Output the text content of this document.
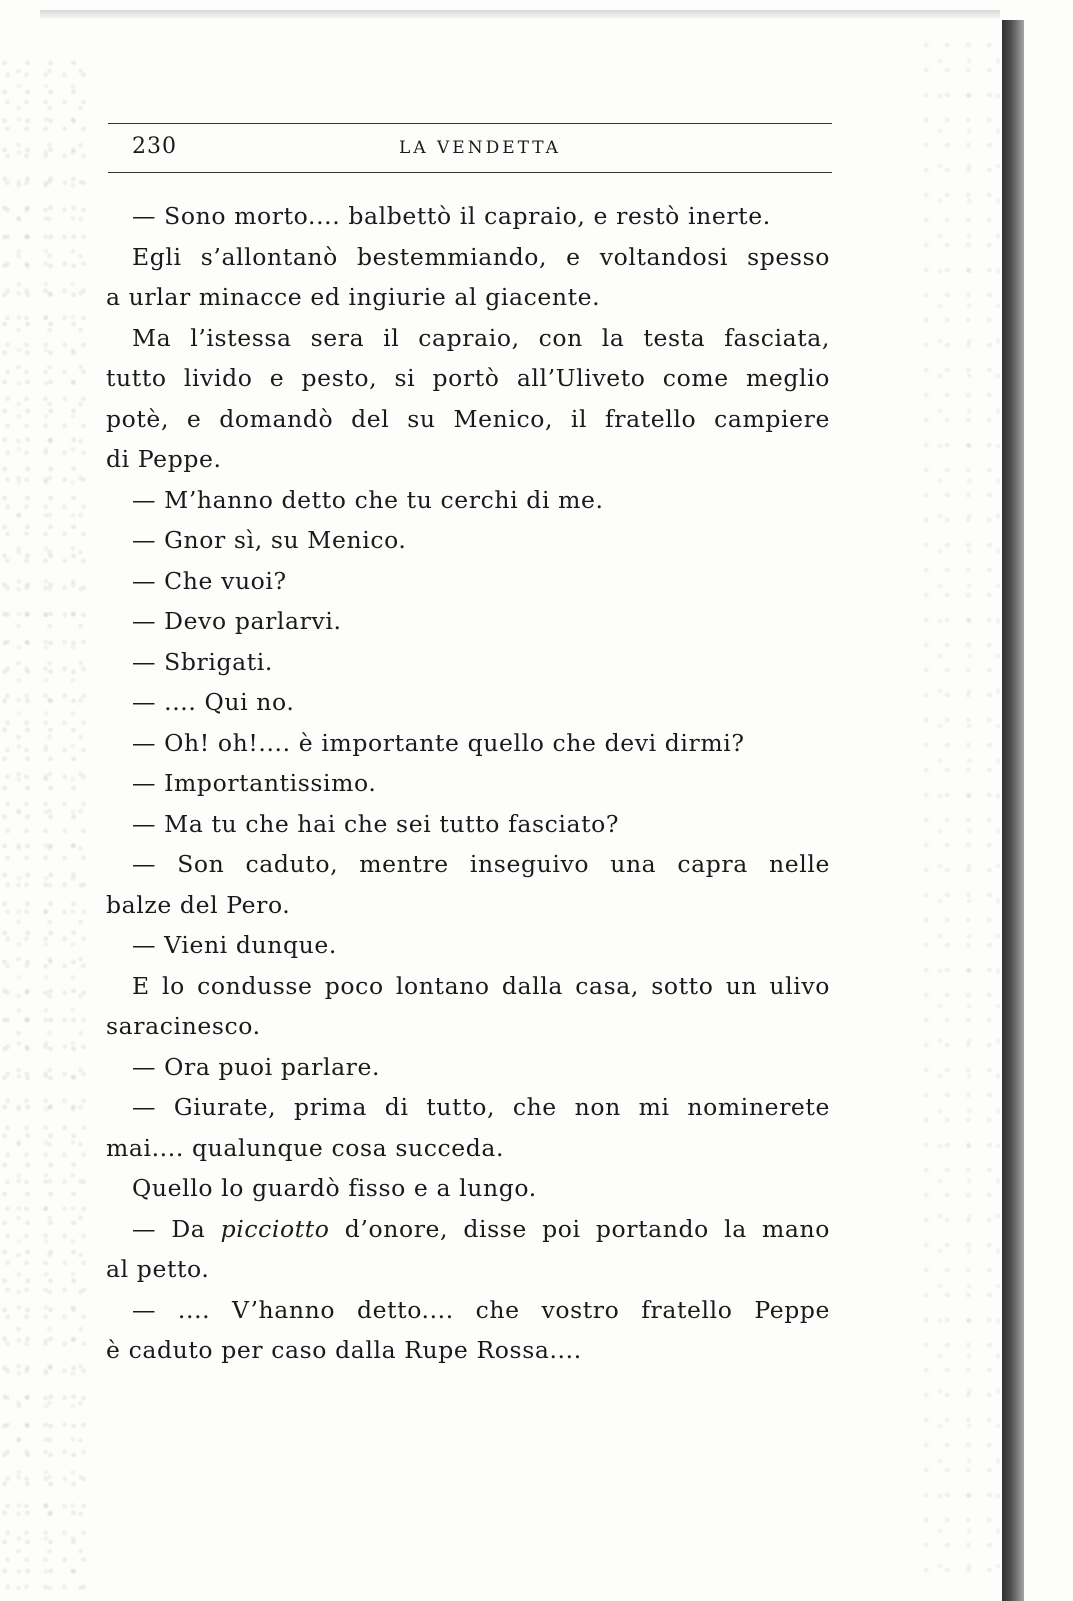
230	LA VENDETTA
— Sono morto.... balbettò il capraio, e restò inerte.
Egli s’allontanò bestemmiando, e voltandosi spesso
a urlar minacce ed ingiurie al giacente.
Ma l’istessa sera il capraio, con la testa fasciata,
tutto livido e pesto, si portò all’Uliveto come meglio
potè, e domandò del su Menico, il fratello campiere
di Peppe.
— M’hanno detto che tu cerchi di me.
— Gnor sì, su Menico.
— Che vuoi?
— Devo parlarvi.
— Sbrigati.
— .... Qui no.
— Oh! oh!.... è importante quello che devi dirmi?
— Importantissimo.
— Ma tu che hai che sei tutto fasciato?
— Son caduto, mentre inseguivo una capra nelle
balze del Pero.
— Vieni dunque.
E lo condusse poco lontano dalla casa, sotto un ulivo
saracinesco.
— Ora puoi parlare.
— Giurate, prima di tutto, che non mi nominerete
mai.... qualunque cosa succeda.
Quello lo guardò fisso e a lungo.
— Da picciotto d’onore, disse poi portando la mano
al petto.
— .... V’hanno detto.... che vostro fratello Peppe
è caduto per caso dalla Rupe Rossa....
